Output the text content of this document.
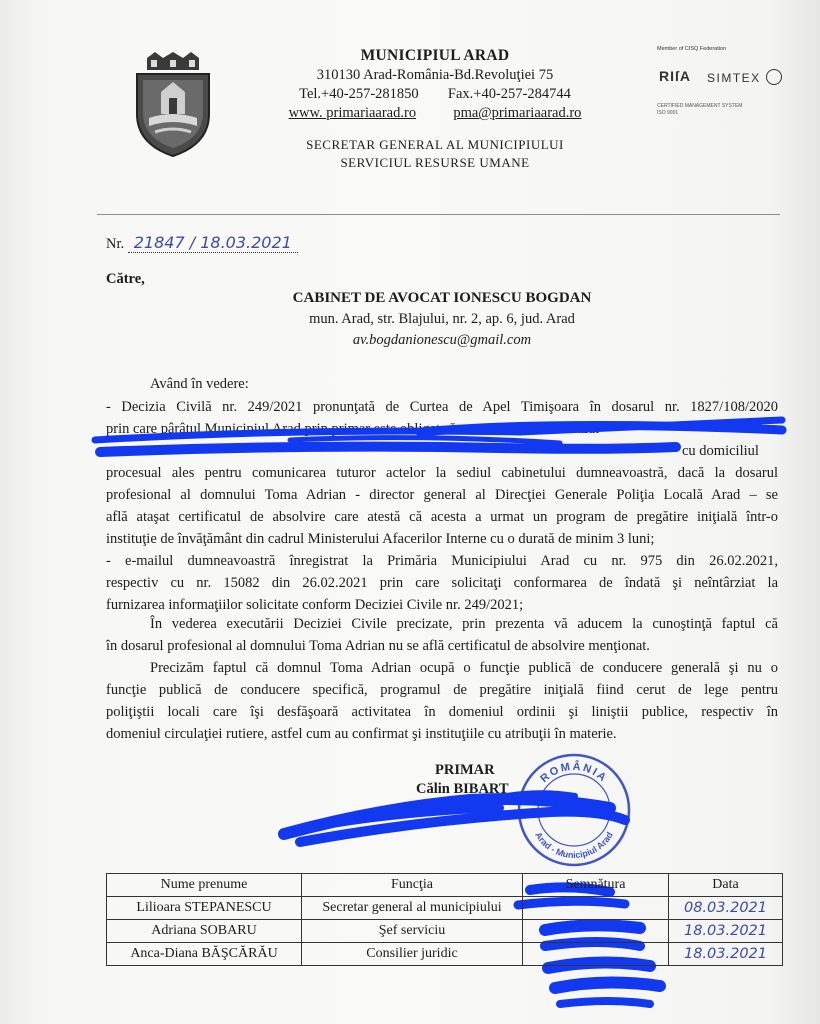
MUNICIPIUL ARAD
310130 Arad-România-Bd.Revoluţiei 75
Tel.+40-257-281850 Fax.+40-257-284744
www. primariaarad.ro	pma@primariaarad.ro
SECRETAR GENERAL AL MUNICIPIULUI
SERVICIUL RESURSE UMANE
Member of CISQ Federation
RIſA SIMTEX
CERTIFIED MANAGEMENT SYSTEM
ISO 9001
Nr. 21847 / 18.03.2021
Către,
CABINET DE AVOCAT IONESCU BOGDAN
mun. Arad, str. Blajului, nr. 2, ap. 6, jud. Arad
av.bogdanionescu@gmail.com
Având în vedere:
- Decizia Civilă nr. 249/2021 pronunţată de Curtea de Apel Timişoara în dosarul nr. 1827/108/2020
prin care pârâtul Municipiul Arad prin primar este obligat să comunice reclamantului
cu domiciliul
procesual ales pentru comunicarea tuturor actelor la sediul cabinetului dumneavoastră, dacă la dosarul
profesional al domnului Toma Adrian - director general al Direcţiei Generale Poliţia Locală Arad – se
află ataşat certificatul de absolvire care atestă că acesta a urmat un program de pregătire iniţială într-o
instituţie de învăţământ din cadrul Ministerului Afacerilor Interne cu o durată de minim 3 luni;
- e-mailul dumneavoastră înregistrat la Primăria Municipiului Arad cu nr. 975 din 26.02.2021,
respectiv cu nr. 15082 din 26.02.2021 prin care solicitaţi conformarea de îndată şi neîntârziat la
furnizarea informaţiilor solicitate conform Deciziei Civile nr. 249/2021;
În vederea executării Deciziei Civile precizate, prin prezenta vă aducem la cunoştinţă faptul că
în dosarul profesional al domnului Toma Adrian nu se află certificatul de absolvire menţionat.
Precizăm faptul că domnul Toma Adrian ocupă o funcţie publică de conducere generală şi nu o
funcţie publică de conducere specifică, programul de pregătire iniţială fiind cerut de lege pentru
poliţiştii locali care îşi desfăşoară activitatea în domeniul ordinii şi liniştii publice, respectiv în
domeniul circulaţiei rutiere, astfel cum au confirmat şi instituţiile cu atribuţii în materie.
PRIMAR
Călin BIBART
ROMÂNIA
PRIMARIA
Arad - Municipiul Arad
Nume prenume	Funcţia	Semnătura	Data
Lilioara STEPANESCU	Secretar general al municipiului		08.03.2021
Adriana SOBARU	Şef serviciu		18.03.2021
Anca-Diana BĂŞCĂRĂU	Consilier juridic		18.03.2021
